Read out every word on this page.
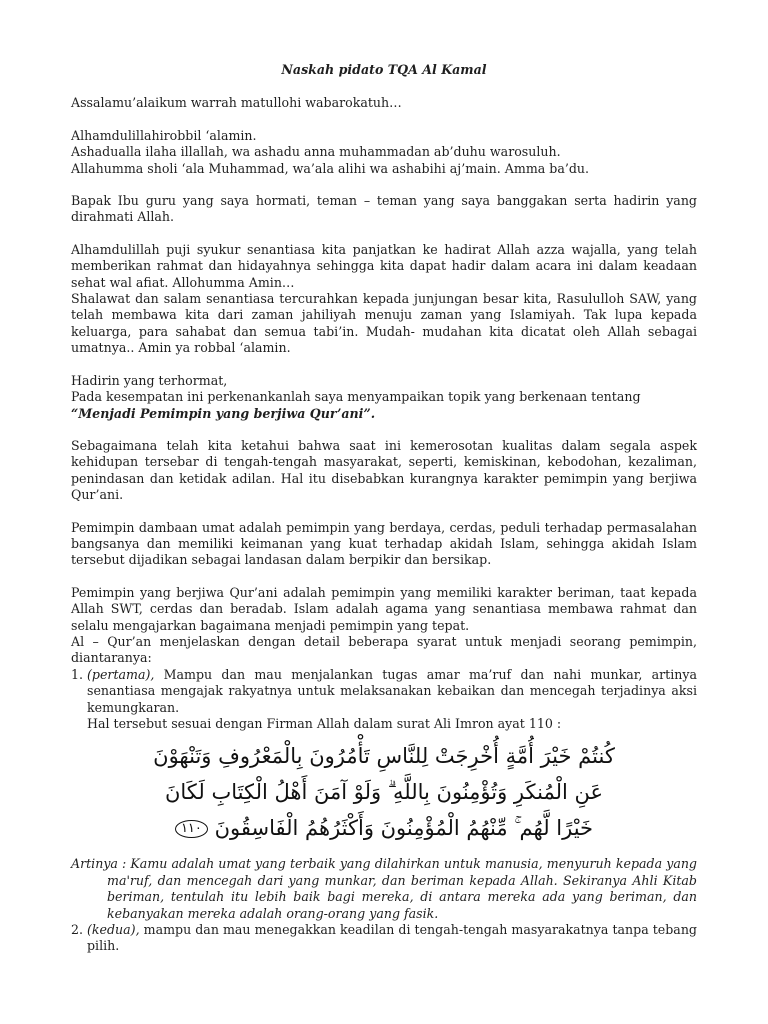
Naskah pidato TQA Al Kamal

Assalamu’alaikum warrah matullohi wabarokatuh…

Alhamdulillahirobbil ‘alamin.
Ashadualla ilaha illallah, wa ashadu anna muhammadan ab’duhu warosuluh.
Allahumma sholi ‘ala Muhammad, wa’ala alihi wa ashabihi aj’main. Amma ba’du.

Bapak Ibu guru yang saya hormati, teman – teman yang saya banggakan serta hadirin yang dirahmati Allah.

Alhamdulillah puji syukur senantiasa kita panjatkan ke hadirat Allah azza wajalla, yang telah memberikan rahmat dan hidayahnya sehingga kita dapat hadir dalam acara ini dalam keadaan sehat wal afiat. Allohumma Amin…

Shalawat dan salam senantiasa tercurahkan kepada junjungan besar kita, Rasululloh SAW, yang telah membawa kita dari zaman jahiliyah menuju zaman yang Islamiyah. Tak lupa kepada keluarga, para sahabat dan semua tabi’in. Mudah- mudahan kita dicatat oleh Allah sebagai umatnya.. Amin ya robbal ‘alamin.

Hadirin yang terhormat,
Pada kesempatan ini perkenankanlah saya menyampaikan topik yang berkenaan tentang
“Menjadi Pemimpin yang berjiwa Qur’ani”.

Sebagaimana telah kita ketahui bahwa saat ini kemerosotan kualitas dalam segala aspek kehidupan tersebar di tengah-tengah masyarakat, seperti, kemiskinan, kebodohan, kezaliman, penindasan dan ketidak adilan. Hal itu disebabkan kurangnya karakter pemimpin yang berjiwa Qur’ani.

Pemimpin dambaan umat adalah pemimpin yang berdaya, cerdas, peduli terhadap permasalahan bangsanya dan memiliki keimanan yang kuat terhadap akidah Islam, sehingga akidah Islam tersebut dijadikan sebagai landasan dalam berpikir dan bersikap.

Pemimpin yang berjiwa Qur’ani adalah pemimpin yang memiliki karakter beriman, taat kepada Allah SWT, cerdas dan beradab. Islam adalah agama yang senantiasa membawa rahmat dan selalu mengajarkan bagaimana menjadi pemimpin yang tepat.

Al – Qur’an menjelaskan dengan detail beberapa syarat untuk menjadi seorang pemimpin, diantaranya:

1. (pertama), Mampu dan mau menjalankan tugas amar ma’ruf dan nahi munkar, artinya senantiasa mengajak rakyatnya untuk melaksanakan kebaikan dan mencegah terjadinya aksi kemungkaran.
Hal tersebut sesuai dengan Firman Allah dalam surat Ali Imron ayat 110 :
كُنتُمْ خَيْرَ أُمَّةٍ أُخْرِجَتْ لِلنَّاسِ تَأْمُرُونَ بِالْمَعْرُوفِ وَتَنْهَوْنَ
عَنِ الْمُنكَرِ وَتُؤْمِنُونَ بِاللَّهِ ۗ وَلَوْ آمَنَ أَهْلُ الْكِتَابِ لَكَانَ
خَيْرًا لَّهُم ۚ مِّنْهُمُ الْمُؤْمِنُونَ وَأَكْثَرُهُمُ الْفَاسِقُونَ ١١٠

Artinya : Kamu adalah umat yang terbaik yang dilahirkan untuk manusia, menyuruh kepada yang ma'ruf, dan mencegah dari yang munkar, dan beriman kepada Allah. Sekiranya Ahli Kitab beriman, tentulah itu lebih baik bagi mereka, di antara mereka ada yang beriman, dan kebanyakan mereka adalah orang-orang yang fasik.

2. (kedua), mampu dan mau menegakkan keadilan di tengah-tengah masyarakatnya tanpa tebang pilih.
